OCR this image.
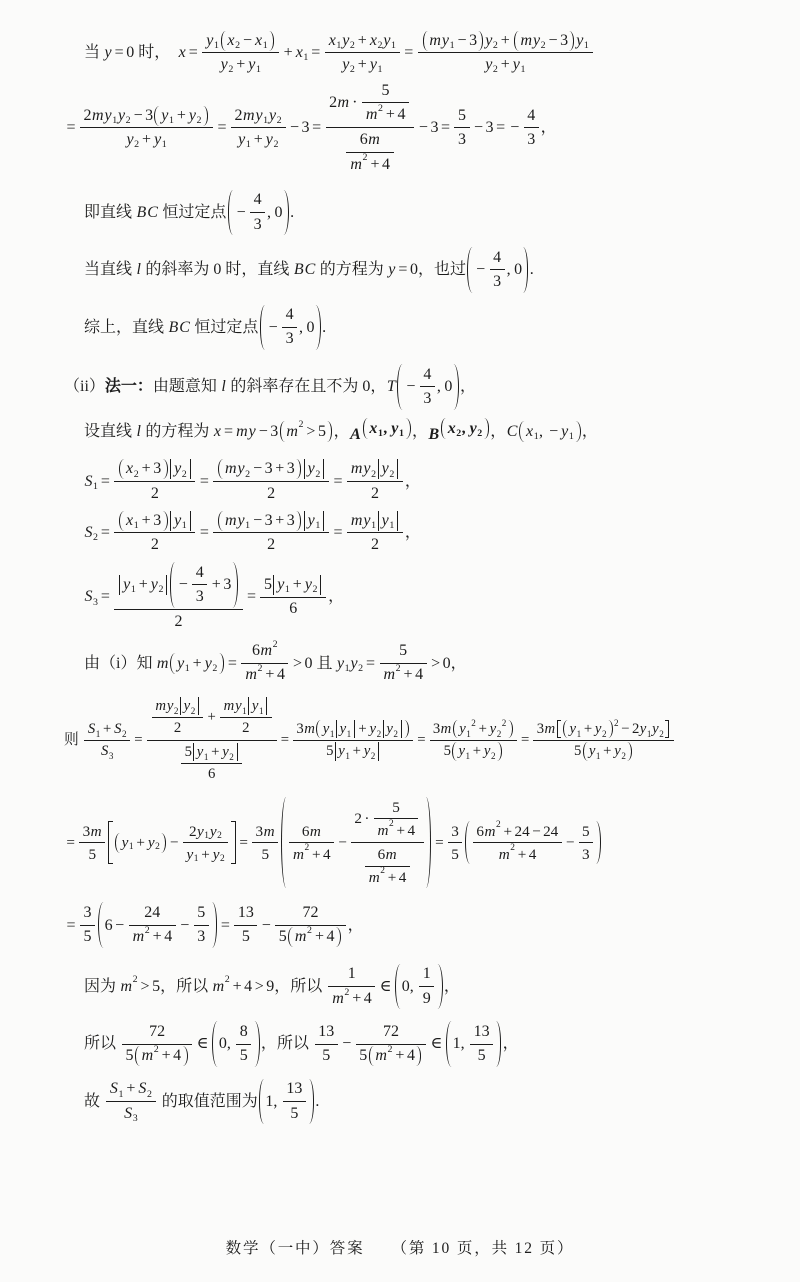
当 y = 0 时， $x = \frac{y 1 x 2 - x 1}{y 2 + y 1} + x$ $1 = \frac{x 1 y 2 + x 2 y 1}{y 2 + y 1} = \frac{\text{m y 1 − 3 y 2 + m y 2 − 3 y 1}}{y 2 + y 1}$
= $\frac{\text{2 m y 1 y 2 − 3 y 1 + y 2}}{y 2 + y 1} = \frac{\text{2 m y 1 y 2}}{y 1 + y 2} - 3 = 2$ m ·
5
m 2 + 4
6 m
m $2 + 4 - 3 = \frac{5}{3} - 3$ = − $\frac{4}{3}$ ，
即直线 B C 恒过定点 − $\frac{4}{3}$ , 0 .
当直线 l 的斜率为 0 时，直线 B C 的方程为 y = 0 ，也过 − $\frac{4}{3}$ , 0 .
综上，直线 B C 恒过定点 − $\frac{4}{3}$ , 0 .
（ii） 法一： 由题意知 l 的斜率存在且不为 0， $T - \frac{4}{3}$ , 0 ，
设直线 l 的方程为 x = m y − 3 m 2 > 5 ， A x 1 , y 1 ， B x 2 , y 2 ， C x 1 , − y 1 ，
S $1 = \frac{x 2 + 3 y 2}{2} = \frac{\text{m y 2 − 3 + 3 y 2}}{2} = \frac{\text{m y 2 y 2}}{2}$ ，
S $2 = \frac{x 1 + 3 y 1}{2} = \frac{\text{m y 1 − 3 + 3 y 1}}{2} = \frac{\text{m y 1 y 1}}{2}$ ，
S $3 = \frac{y 1 + y 2 - \frac{4}{3} + 3}{2} = \frac{5 y 1 + y 2}{6}$ ，
由（i）知 m y 1 + y $2 = \frac{6 m 2}{m 2 + 4} > 0$ 且 y 1 y $2 = \frac{5}{m 2 + 4} > 0$ ，
则 $\frac{S 1 + S 2}{S 3} = m$ y 2 y 2
2
+ $\frac{\text{m y 1 y 1}}{2}$
5 y 1 + y 2
$6 = \frac{\text{3 m y 1 y 1 + y 2 y 2}}{5 y 1 + y 2} = 3$ m y 1
2 + y 2
2
5 y 1 + y 2 = 3 m y 1 + y 2
2 − 2 y 1 y 2
5 y 1 + y 2
= $\frac{3 m}{5}$ y 1 + y $2 - \frac{2 y 1 y 2}{y 1 + y 2} = \frac{3 m}{5} 6$ m
m 2 + 4
− 2 ·
5
m 2 + 4
6 m
m $2 + 4 = \frac{3}{5} 6$ m 2 + 2 4 − 2 4
m 2 + 4
− $\frac{5}{3}$
= $\frac{3}{5} 6 - \frac{2 4}{m 2 + 4} - \frac{5}{3} = \frac{1 3}{5} - \frac{7 2}{5 m 2 + 4}$ ，
因为 m 2 > 5 ，所以 m 2 + 4 > 9 ，所以
1
m 2 + 4
∈ 0 ,
1
9
，
所以
7 2
5 m 2 + 4
∈ 0 ,
8
5
，所以
1 3
5
− $\frac{7 2}{5 m 2 + 4}$ ∈ 1 ,
1 3
5
，
故
S 1 + S 2
S 3
的取值范围为 1 ,
1 3
5
.
数学（一中）答案　　（第 10 页，共 12 页）
